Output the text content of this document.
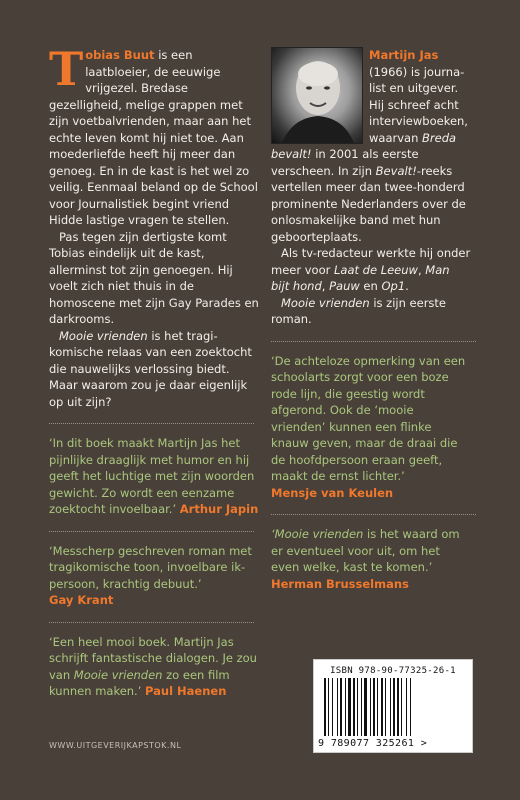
Tobias Buut is een laatbloeier, de eeuwige vrijgezel. Bredase gezelligheid, melige grappen met zijn voetbalvrienden, maar aan het echte leven komt hij niet toe. Aan moederliefde heeft hij meer dan genoeg. En in de kast is het wel zo veilig. Eenmaal beland op de School voor Journalistiek begint vriend Hidde lastige vragen te stellen.

Pas tegen zijn dertigste komt Tobias eindelijk uit de kast, allerminst tot zijn genoegen. Hij voelt zich niet thuis in de homoscene met zijn Gay Parades en darkrooms.

Mooie vrienden is het tragi-komische relaas van een zoektocht die nauwelijks verlossing biedt. Maar waarom zou je daar eigenlijk op uit zijn?

‘In dit boek maakt Martijn Jas het pijnlijke draaglijk met humor en hij geeft het luchtige met zijn woorden gewicht. Zo wordt een eenzame zoektocht invoelbaar.’ Arthur Japin

‘Messcherp geschreven roman met tragikomische toon, invoelbare ik-persoon, krachtig debuut.’
Gay Krant

‘Een heel mooi boek. Martijn Jas schrijft fantastische dialogen. Je zou van Mooie vrienden zo een film kunnen maken.’ Paul Haenen

Martijn Jas (1966) is journa-list en uitgever. Hij schreef acht interviewboeken, waarvan Breda bevalt! in 2001 als eerste verscheen. In zijn Bevalt!-reeks vertellen meer dan twee-honderd prominente Nederlanders over de onlosmakelijke band met hun geboorteplaats.

Als tv-redacteur werkte hij onder meer voor Laat de Leeuw, Man bijt hond, Pauw en Op1.

Mooie vrienden is zijn eerste roman.

‘De achteloze opmerking van een schoolarts zorgt voor een boze rode lijn, die geestig wordt afgerond. Ook de ‘mooie vrienden’ kunnen een flinke knauw geven, maar de draai die de hoofdpersoon eraan geeft, maakt de ernst lichter.’
Mensje van Keulen

‘Mooie vrienden is het waard om er eventueel voor uit, om het even welke, kast te komen.’
Herman Brusselmans

ISBN 978-90-77325-26-1
9 789077 325261 >
WWW.UITGEVERIJKAPSTOK.NL
